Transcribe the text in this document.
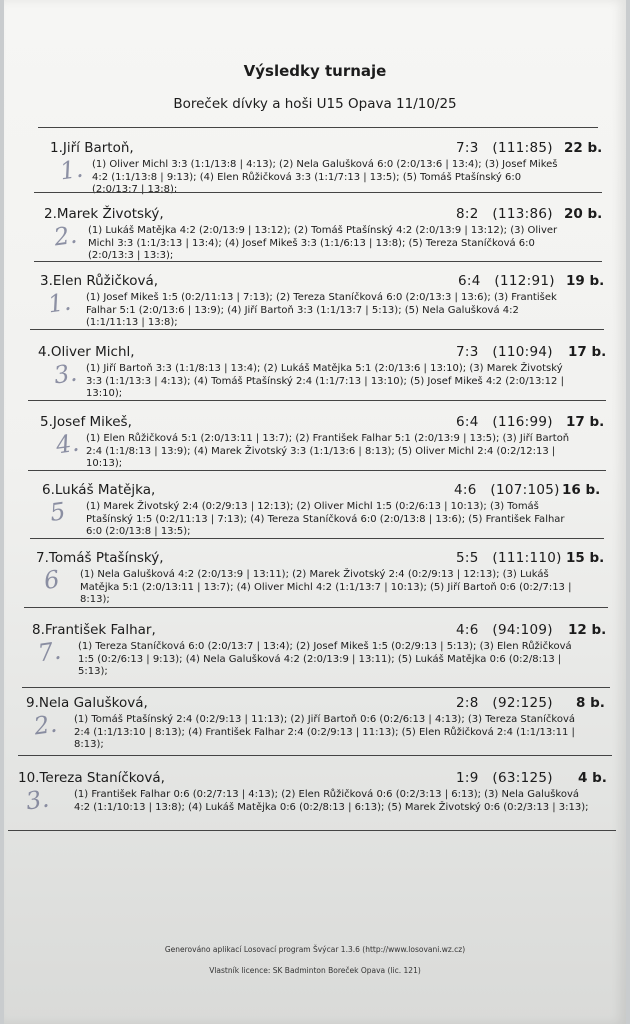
Výsledky turnaje
Boreček dívky a hoši U15 Opava 11/10/25
1.Jiří Bartoň,	7:3   (111:85) 22 b.
(1) Oliver Michl 3:3 (1:1/13:8 | 4:13); (2) Nela Galušková 6:0 (2:0/13:6 | 13:4); (3) Josef Mikeš 4:2 (1:1/13:8 | 9:13); (4) Elen Růžičková 3:3 (1:1/7:13 | 13:5); (5) Tomáš Ptašínský 6:0 (2:0/13:7 | 13:8);
1.
2.Marek Životský,	8:2   (113:86) 20 b.
(1) Lukáš Matějka 4:2 (2:0/13:9 | 13:12); (2) Tomáš Ptašínský 4:2 (2:0/13:9 | 13:12); (3) Oliver Michl 3:3 (1:1/3:13 | 13:4); (4) Josef Mikeš 3:3 (1:1/6:13 | 13:8); (5) Tereza Staníčková 6:0 (2:0/13:3 | 13:3);
2.
3.Elen Růžičková,	6:4   (112:91) 19 b.
(1) Josef Mikeš 1:5 (0:2/11:13 | 7:13); (2) Tereza Staníčková 6:0 (2:0/13:3 | 13:6); (3) František Falhar 5:1 (2:0/13:6 | 13:9); (4) Jiří Bartoň 3:3 (1:1/13:7 | 5:13); (5) Nela Galušková 4:2 (1:1/11:13 | 13:8);
1.
4.Oliver Michl,	7:3   (110:94) 17 b.
(1) Jiří Bartoň 3:3 (1:1/8:13 | 13:4); (2) Lukáš Matějka 5:1 (2:0/13:6 | 13:10); (3) Marek Životský 3:3 (1:1/13:3 | 4:13); (4) Tomáš Ptašínský 2:4 (1:1/7:13 | 13:10); (5) Josef Mikeš 4:2 (2:0/13:12 | 13:10);
3.
5.Josef Mikeš,	6:4   (116:99) 17 b.
(1) Elen Růžičková 5:1 (2:0/13:11 | 13:7); (2) František Falhar 5:1 (2:0/13:9 | 13:5); (3) Jiří Bartoň 2:4 (1:1/8:13 | 13:9); (4) Marek Životský 3:3 (1:1/13:6 | 8:13); (5) Oliver Michl 2:4 (0:2/12:13 | 10:13);
4.
6.Lukáš Matějka,	4:6   (107:105) 16 b.
(1) Marek Životský 2:4 (0:2/9:13 | 12:13); (2) Oliver Michl 1:5 (0:2/6:13 | 10:13); (3) Tomáš Ptašínský 1:5 (0:2/11:13 | 7:13); (4) Tereza Staníčková 6:0 (2:0/13:8 | 13:6); (5) František Falhar 6:0 (2:0/13:8 | 13:5);
5
7.Tomáš Ptašínský,	5:5   (111:110) 15 b.
(1) Nela Galušková 4:2 (2:0/13:9 | 13:11); (2) Marek Životský 2:4 (0:2/9:13 | 12:13); (3) Lukáš Matějka 5:1 (2:0/13:11 | 13:7); (4) Oliver Michl 4:2 (1:1/13:7 | 10:13); (5) Jiří Bartoň 0:6 (0:2/7:13 | 8:13);
6
8.František Falhar,	4:6   (94:109) 12 b.
(1) Tereza Staníčková 6:0 (2:0/13:7 | 13:4); (2) Josef Mikeš 1:5 (0:2/9:13 | 5:13); (3) Elen Růžičková 1:5 (0:2/6:13 | 9:13); (4) Nela Galušková 4:2 (2:0/13:9 | 13:11); (5) Lukáš Matějka 0:6 (0:2/8:13 | 5:13);
7.
9.Nela Galušková,	2:8   (92:125) 8 b.
(1) Tomáš Ptašínský 2:4 (0:2/9:13 | 11:13); (2) Jiří Bartoň 0:6 (0:2/6:13 | 4:13); (3) Tereza Staníčková 2:4 (1:1/13:10 | 8:13); (4) František Falhar 2:4 (0:2/9:13 | 11:13); (5) Elen Růžičková 2:4 (1:1/13:11 | 8:13);
2.
10.Tereza Staníčková,	1:9   (63:125) 4 b.
(1) František Falhar 0:6 (0:2/7:13 | 4:13); (2) Elen Růžičková 0:6 (0:2/3:13 | 6:13); (3) Nela Galušková 4:2 (1:1/10:13 | 13:8); (4) Lukáš Matějka 0:6 (0:2/8:13 | 6:13); (5) Marek Životský 0:6 (0:2/3:13 | 3:13);
3.
Generováno aplikací Losovací program Švýcar 1.3.6 (http://www.losovani.wz.cz)
Vlastník licence: SK Badminton Boreček Opava (lic. 121)
